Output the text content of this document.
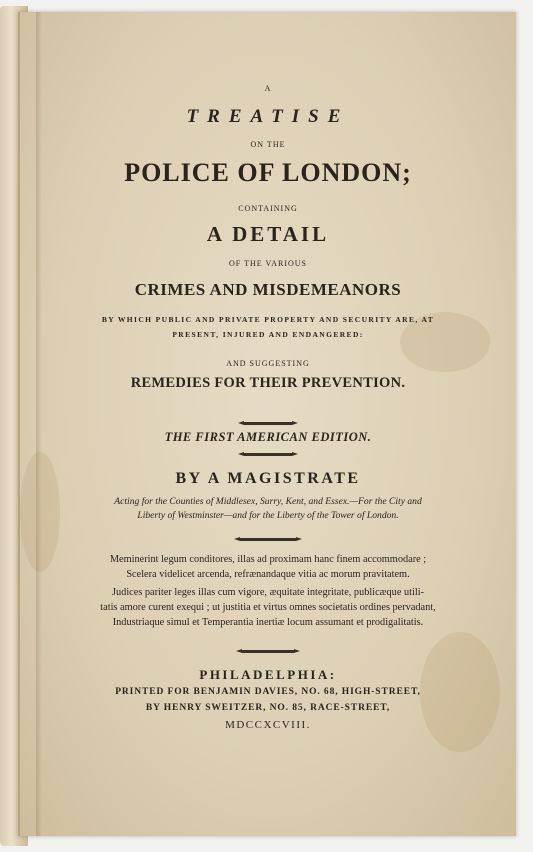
A
TREATISE
ON THE
POLICE OF LONDON;
CONTAINING
A DETAIL
OF THE VARIOUS
CRIMES AND MISDEMEANORS
BY WHICH PUBLIC AND PRIVATE PROPERTY AND SECURITY ARE, AT
PRESENT, INJURED AND ENDANGERED:
AND SUGGESTING
REMEDIES FOR THEIR PREVENTION.
THE FIRST AMERICAN EDITION.
BY A MAGISTRATE
Acting for the Counties of Middlesex, Surry, Kent, and Essex.—For the City and
Liberty of Westminster—and for the Liberty of the Tower of London.
Meminerint legum conditores, illas ad proximam hanc finem accommodare ;
Scelera videlicet arcenda, refrænandaque vitia ac morum pravitatem.
Judices pariter leges illas cum vigore, æquitate integritate, publicæque utili-
tatis amore curent exequi ; ut justitia et virtus omnes societatis ordines pervadant,
Industriaque simul et Temperantia inertiæ locum assumant et prodigalitatis.
PHILADELPHIA:
PRINTED FOR BENJAMIN DAVIES, NO. 68, HIGH-STREET,
BY HENRY SWEITZER, NO. 85, RACE-STREET,
MDCCXCVIII.
